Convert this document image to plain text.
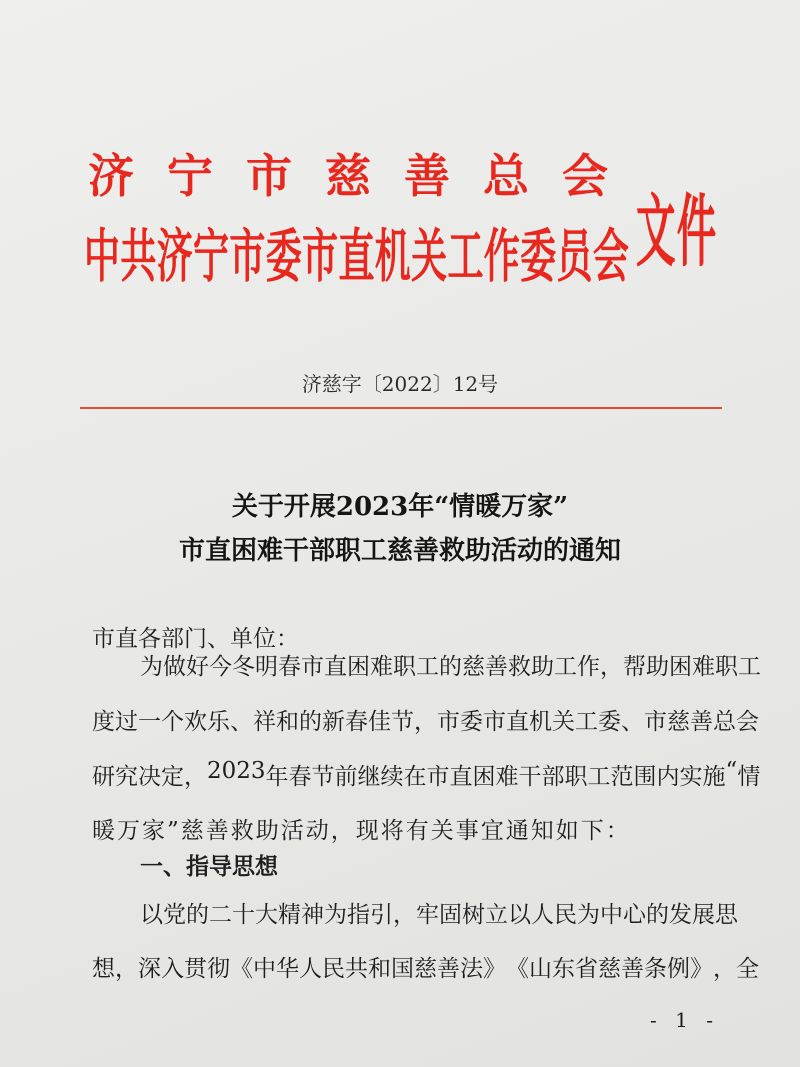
济 宁 市 慈 善 总 会
中 共 济 宁 市 委 市 直 机 关 工 作 委 员 会 文件
济慈字〔2022〕12号
关于开展2023年“情暖万家”
市直困难干部职工慈善救助活动的通知
市直各部门、单位：
为 做 好 今 冬 明 春 市 直 困 难 职 工 的 慈 善 救 助 工 作 ， 帮 助 困 难 职 工
度 过 一 个 欢 乐 、 祥 和 的 新 春 佳 节 ， 市 委 市 直 机 关 工 委 、 市 慈 善 总 会
研 究 决 定 ， 2023 年 春 节 前 继 续 在 市 直 困 难 干 部 职 工 范 围 内 实 施 “ 情
暖万家”慈善救助活动，现将有关事宜通知如下：
一、指导思想
以 党 的 二 十 大 精 神 为 指 引 ， 牢 固 树 立 以 人 民 为 中 心 的 发 展 思
想 ， 深 入 贯 彻 《 中 华 人 民 共 和 国 慈 善 法 》 《 山 东 省 慈 善 条 例 》 ， 全
- 1 -
